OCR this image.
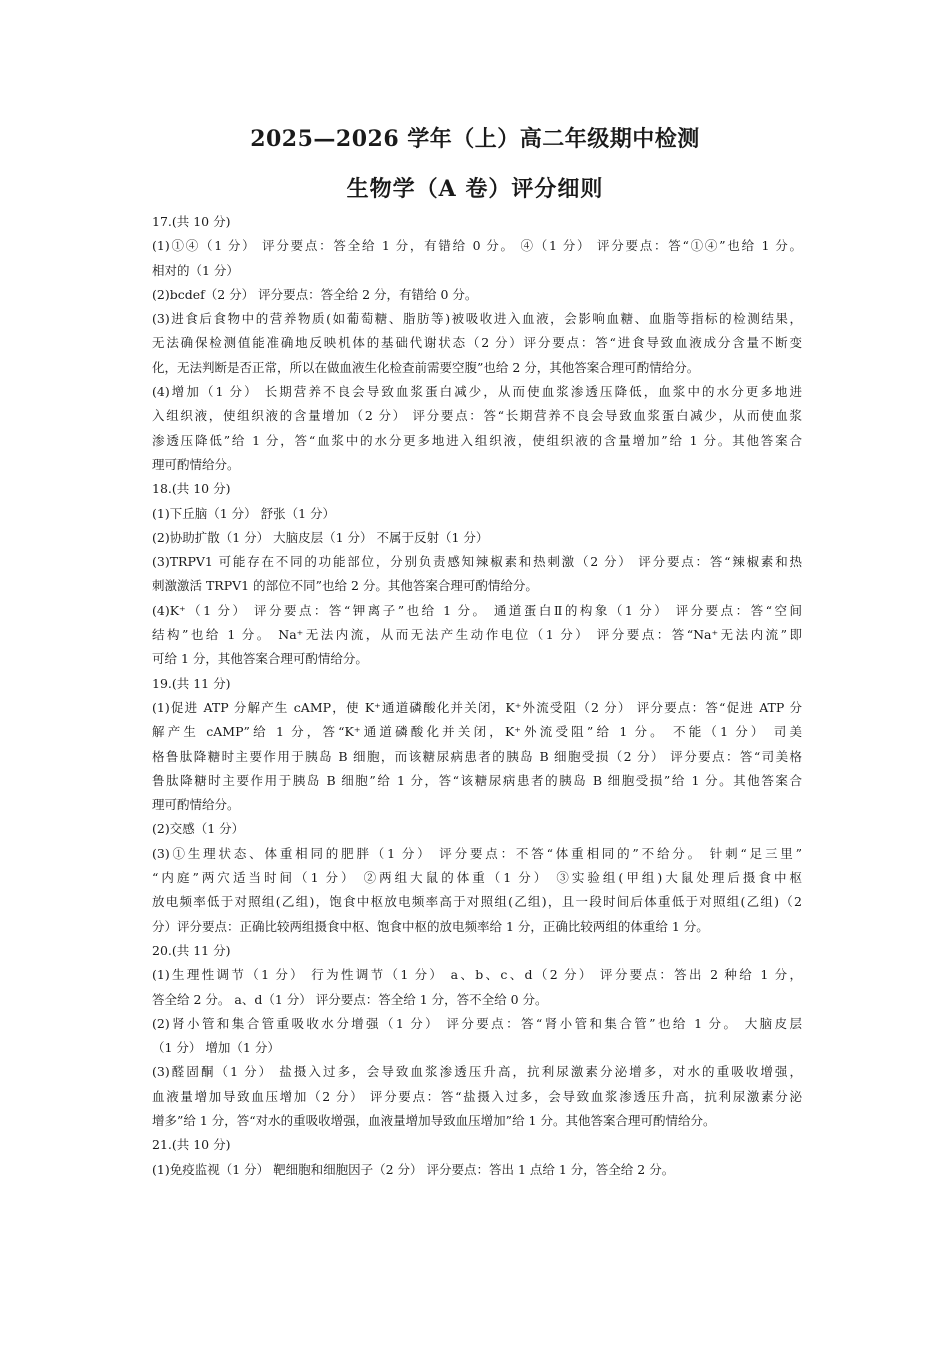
2025—2026 学年（上）高二年级期中检测
生物学（A 卷）评分细则
17.(共 10 分)
(1)①④（1 分） 评分要点：答全给 1 分，有错给 0 分。 ④（1 分） 评分要点：答“①④”也给 1 分。
相对的（1 分）
(2)bcdef（2 分） 评分要点：答全给 2 分，有错给 0 分。
(3)进食后食物中的营养物质(如葡萄糖、脂肪等)被吸收进入血液，会影响血糖、血脂等指标的检测结果，
无法确保检测值能准确地反映机体的基础代谢状态（2 分）评分要点：答“进食导致血液成分含量不断变
化，无法判断是否正常，所以在做血液生化检查前需要空腹”也给 2 分，其他答案合理可酌情给分。
(4)增加（1 分） 长期营养不良会导致血浆蛋白减少，从而使血浆渗透压降低，血浆中的水分更多地进
入组织液，使组织液的含量增加（2 分） 评分要点：答“长期营养不良会导致血浆蛋白减少，从而使血浆
渗透压降低”给 1 分，答“血浆中的水分更多地进入组织液，使组织液的含量增加”给 1 分。其他答案合
理可酌情给分。
18.(共 10 分)
(1)下丘脑（1 分） 舒张（1 分）
(2)协助扩散（1 分） 大脑皮层（1 分） 不属于反射（1 分）
(3)TRPV1 可能存在不同的功能部位，分别负责感知辣椒素和热刺激（2 分） 评分要点：答“辣椒素和热
刺激激活 TRPV1 的部位不同”也给 2 分。其他答案合理可酌情给分。
(4)K⁺（1 分） 评分要点：答“钾离子”也给 1 分。 通道蛋白Ⅱ的构象（1 分） 评分要点：答“空间
结构”也给 1 分。 Na⁺无法内流，从而无法产生动作电位（1 分） 评分要点：答“Na⁺无法内流”即
可给 1 分，其他答案合理可酌情给分。
19.(共 11 分)
(1)促进 ATP 分解产生 cAMP，使 K⁺通道磷酸化并关闭，K⁺外流受阻（2 分） 评分要点：答“促进 ATP 分
解产生 cAMP”给 1 分，答“K⁺通道磷酸化并关闭，K⁺外流受阻”给 1 分。 不能（1 分） 司美
格鲁肽降糖时主要作用于胰岛 B 细胞，而该糖尿病患者的胰岛 B 细胞受损（2 分） 评分要点：答“司美格
鲁肽降糖时主要作用于胰岛 B 细胞”给 1 分，答“该糖尿病患者的胰岛 B 细胞受损”给 1 分。其他答案合
理可酌情给分。
(2)交感（1 分）
(3)①生理状态、体重相同的肥胖（1 分） 评分要点：不答“体重相同的”不给分。 针刺“足三里”
“内庭”两穴适当时间（1 分） ②两组大鼠的体重（1 分） ③实验组(甲组)大鼠处理后摄食中枢
放电频率低于对照组(乙组)，饱食中枢放电频率高于对照组(乙组)，且一段时间后体重低于对照组(乙组)（2
分）评分要点：正确比较两组摄食中枢、饱食中枢的放电频率给 1 分，正确比较两组的体重给 1 分。
20.(共 11 分)
(1)生理性调节（1 分） 行为性调节（1 分） a、b、c、d（2 分） 评分要点：答出 2 种给 1 分，
答全给 2 分。 a、d（1 分） 评分要点：答全给 1 分，答不全给 0 分。
(2)肾小管和集合管重吸收水分增强（1 分） 评分要点：答“肾小管和集合管”也给 1 分。 大脑皮层
（1 分） 增加（1 分）
(3)醛固酮（1 分） 盐摄入过多，会导致血浆渗透压升高，抗利尿激素分泌增多，对水的重吸收增强，
血液量增加导致血压增加（2 分） 评分要点：答“盐摄入过多，会导致血浆渗透压升高，抗利尿激素分泌
增多”给 1 分，答“对水的重吸收增强，血液量增加导致血压增加”给 1 分。其他答案合理可酌情给分。
21.(共 10 分)
(1)免疫监视（1 分） 靶细胞和细胞因子（2 分） 评分要点：答出 1 点给 1 分，答全给 2 分。
